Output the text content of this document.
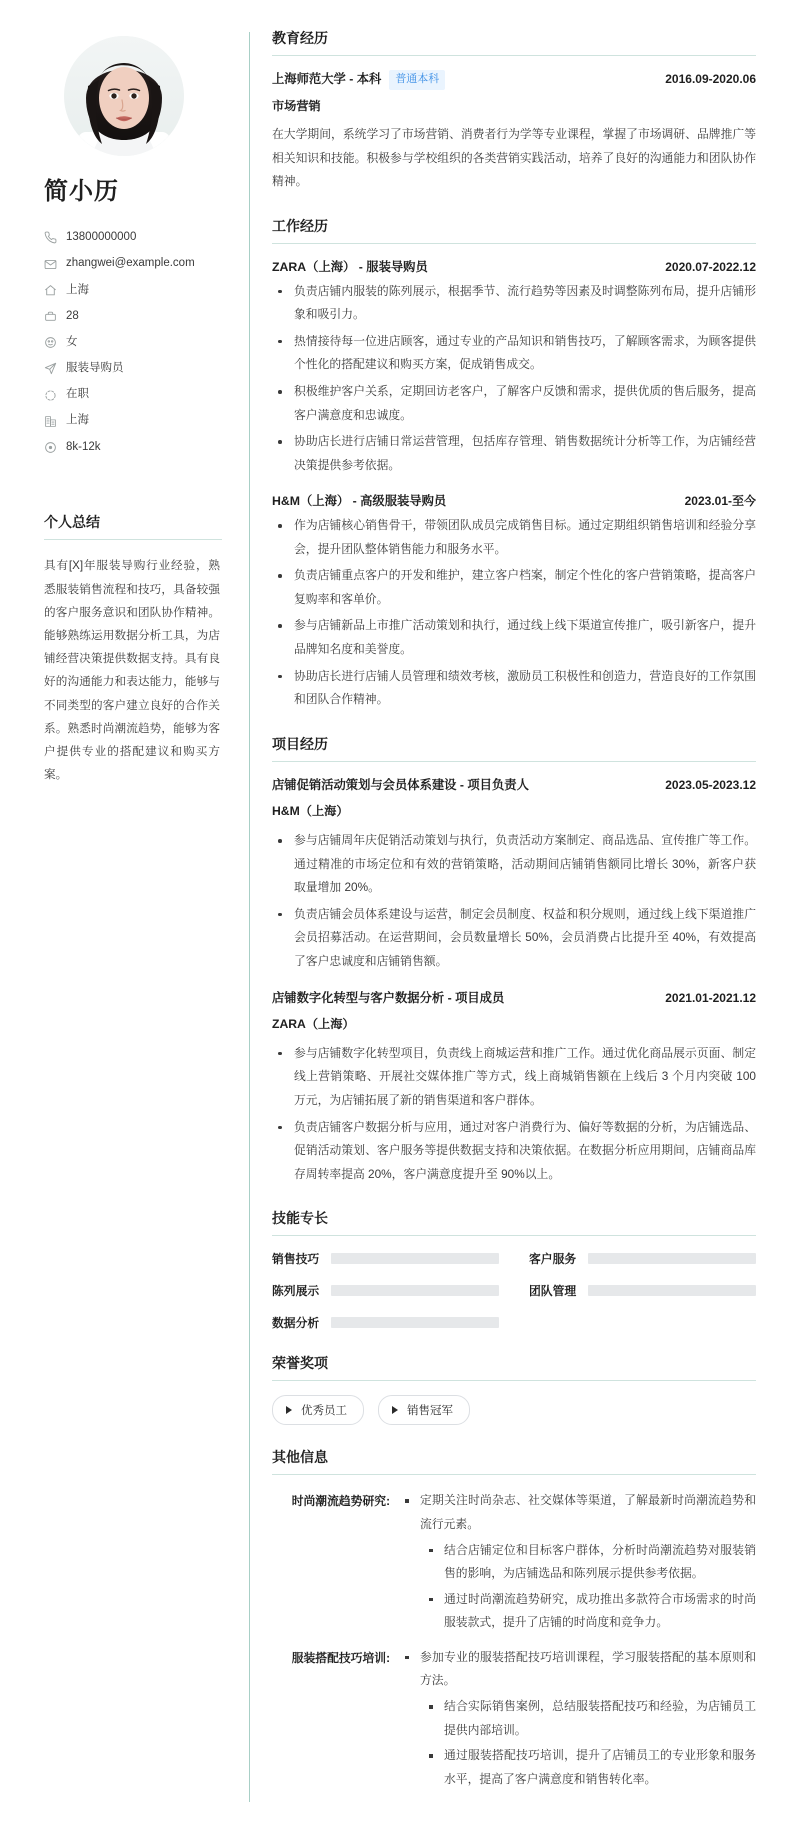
简小历
13800000000
zhangwei@example.com
上海
28
女
服装导购员
在职
上海
8k-12k
个人总结

具有[X]年服装导购行业经验，熟悉服装销售流程和技巧，具备较强的客户服务意识和团队协作精神。能够熟练运用数据分析工具，为店铺经营决策提供数据支持。具有良好的沟通能力和表达能力，能够与不同类型的客户建立良好的合作关系。熟悉时尚潮流趋势，能够为客户提供专业的搭配建议和购买方案。

教育经历
上海师范大学 - 本科 普通本科	2016.09-2020.06
市场营销

在大学期间，系统学习了市场营销、消费者行为学等专业课程，掌握了市场调研、品牌推广等相关知识和技能。积极参与学校组织的各类营销实践活动，培养了良好的沟通能力和团队协作精神。

工作经历
ZARA（上海） - 服装导购员	2020.07-2022.12
负责店铺内服装的陈列展示，根据季节、流行趋势等因素及时调整陈列布局，提升店铺形象和吸引力。
热情接待每一位进店顾客，通过专业的产品知识和销售技巧，了解顾客需求，为顾客提供个性化的搭配建议和购买方案，促成销售成交。
积极维护客户关系，定期回访老客户，了解客户反馈和需求，提供优质的售后服务，提高客户满意度和忠诚度。
协助店长进行店铺日常运营管理，包括库存管理、销售数据统计分析等工作，为店铺经营决策提供参考依据。
H&M（上海） - 高级服装导购员	2023.01-至今
作为店铺核心销售骨干，带领团队成员完成销售目标。通过定期组织销售培训和经验分享会，提升团队整体销售能力和服务水平。
负责店铺重点客户的开发和维护，建立客户档案，制定个性化的客户营销策略，提高客户复购率和客单价。
参与店铺新品上市推广活动策划和执行，通过线上线下渠道宣传推广，吸引新客户，提升品牌知名度和美誉度。
协助店长进行店铺人员管理和绩效考核，激励员工积极性和创造力，营造良好的工作氛围和团队合作精神。
项目经历
店铺促销活动策划与会员体系建设 - 项目负责人	2023.05-2023.12
H&M（上海）
参与店铺周年庆促销活动策划与执行，负责活动方案制定、商品选品、宣传推广等工作。通过精准的市场定位和有效的营销策略，活动期间店铺销售额同比增长 30%，新客户获取量增加 20%。
负责店铺会员体系建设与运营，制定会员制度、权益和积分规则，通过线上线下渠道推广会员招募活动。在运营期间，会员数量增长 50%，会员消费占比提升至 40%，有效提高了客户忠诚度和店铺销售额。
店铺数字化转型与客户数据分析 - 项目成员	2021.01-2021.12
ZARA（上海）
参与店铺数字化转型项目，负责线上商城运营和推广工作。通过优化商品展示页面、制定线上营销策略、开展社交媒体推广等方式，线上商城销售额在上线后 3 个月内突破 100 万元，为店铺拓展了新的销售渠道和客户群体。
负责店铺客户数据分析与应用，通过对客户消费行为、偏好等数据的分析，为店铺选品、促销活动策划、客户服务等提供数据支持和决策依据。在数据分析应用期间，店铺商品库存周转率提高 20%，客户满意度提升至 90%以上。
技能专长
销售技巧	客户服务
陈列展示	团队管理
数据分析
荣誉奖项
优秀员工	销售冠军
其他信息
时尚潮流趋势研究:	定期关注时尚杂志、社交媒体等渠道，了解最新时尚潮流趋势和流行元素。
结合店铺定位和目标客户群体，分析时尚潮流趋势对服装销售的影响，为店铺选品和陈列展示提供参考依据。
通过时尚潮流趋势研究，成功推出多款符合市场需求的时尚服装款式，提升了店铺的时尚度和竞争力。
服装搭配技巧培训:	参加专业的服装搭配技巧培训课程，学习服装搭配的基本原则和方法。
结合实际销售案例，总结服装搭配技巧和经验，为店铺员工提供内部培训。
通过服装搭配技巧培训，提升了店铺员工的专业形象和服务水平，提高了客户满意度和销售转化率。
